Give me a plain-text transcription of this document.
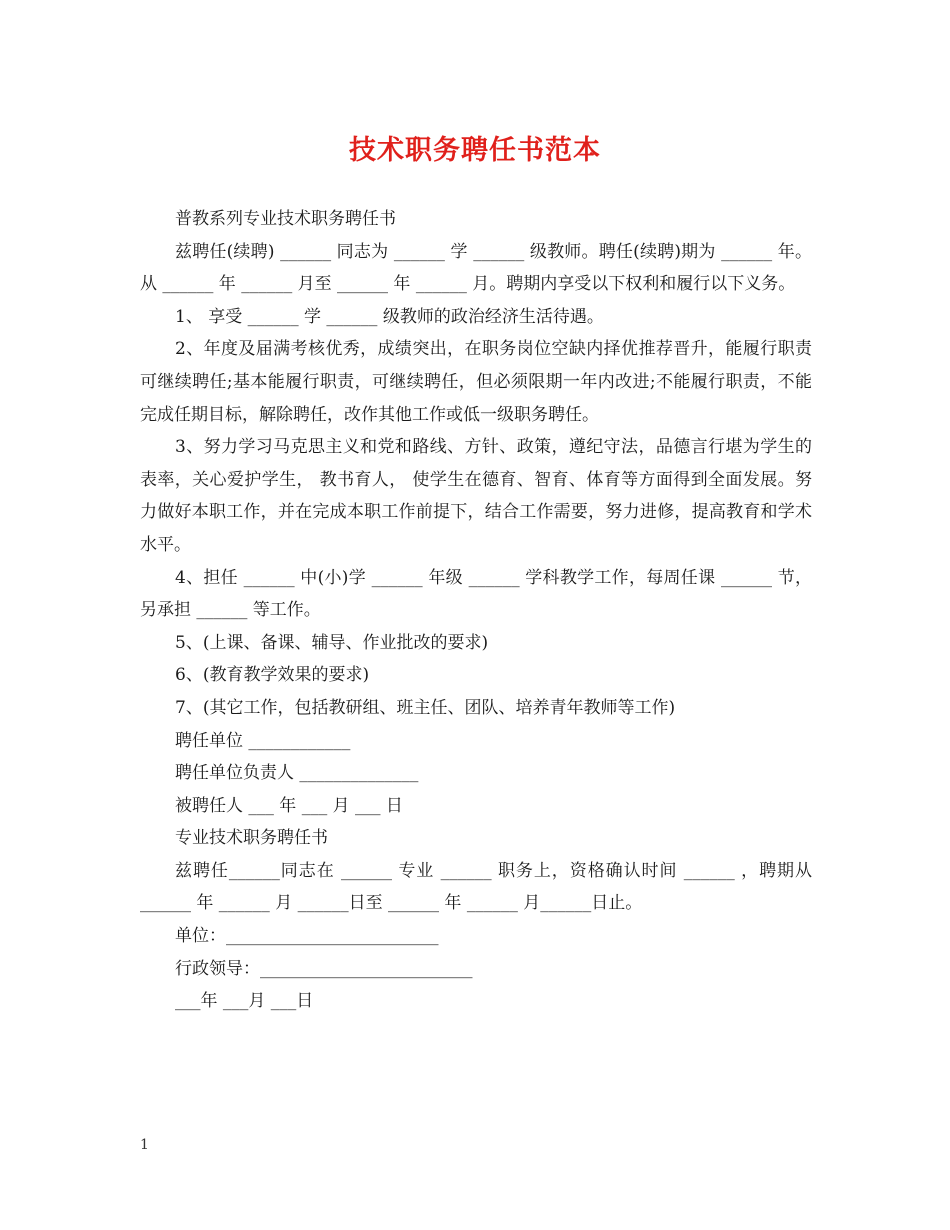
技术职务聘任书范本

普教系列专业技术职务聘任书

兹聘任(续聘) ______ 同志为 ______ 学 ______ 级教师。聘任(续聘)期为 ______ 年。从 ______ 年 ______ 月至 ______ 年 ______ 月。聘期内享受以下权利和履行以下义务。

1、 享受 ______ 学 ______ 级教师的政治经济生活待遇。

2、年度及届满考核优秀，成绩突出，在职务岗位空缺内择优推荐晋升，能履行职责可继续聘任;基本能履行职责，可继续聘任，但必须限期一年内改进;不能履行职责，不能完成任期目标，解除聘任，改作其他工作或低一级职务聘任。

3、努力学习马克思主义和党和路线、方针、政策，遵纪守法，品德言行堪为学生的表率，关心爱护学生， 教书育人， 使学生在德育、智育、体育等方面得到全面发展。努力做好本职工作，并在完成本职工作前提下，结合工作需要，努力进修，提高教育和学术水平。

4、担任 ______ 中(小)学 ______ 年级 ______ 学科教学工作，每周任课 ______ 节，另承担 ______ 等工作。

5、(上课、备课、辅导、作业批改的要求)

6、(教育教学效果的要求)

7、(其它工作，包括教研组、班主任、团队、培养青年教师等工作)

聘任单位 ____________

聘任单位负责人 ______________

被聘任人 ___ 年 ___ 月 ___ 日

专业技术职务聘任书

兹聘任______同志在 ______ 专业 ______ 职务上，资格确认时间 ______ ，聘期从 ______ 年 ______ 月 ______日至 ______ 年 ______ 月______日止。

单位：_________________________

行政领导：_________________________

___年 ___月 ___日

1
